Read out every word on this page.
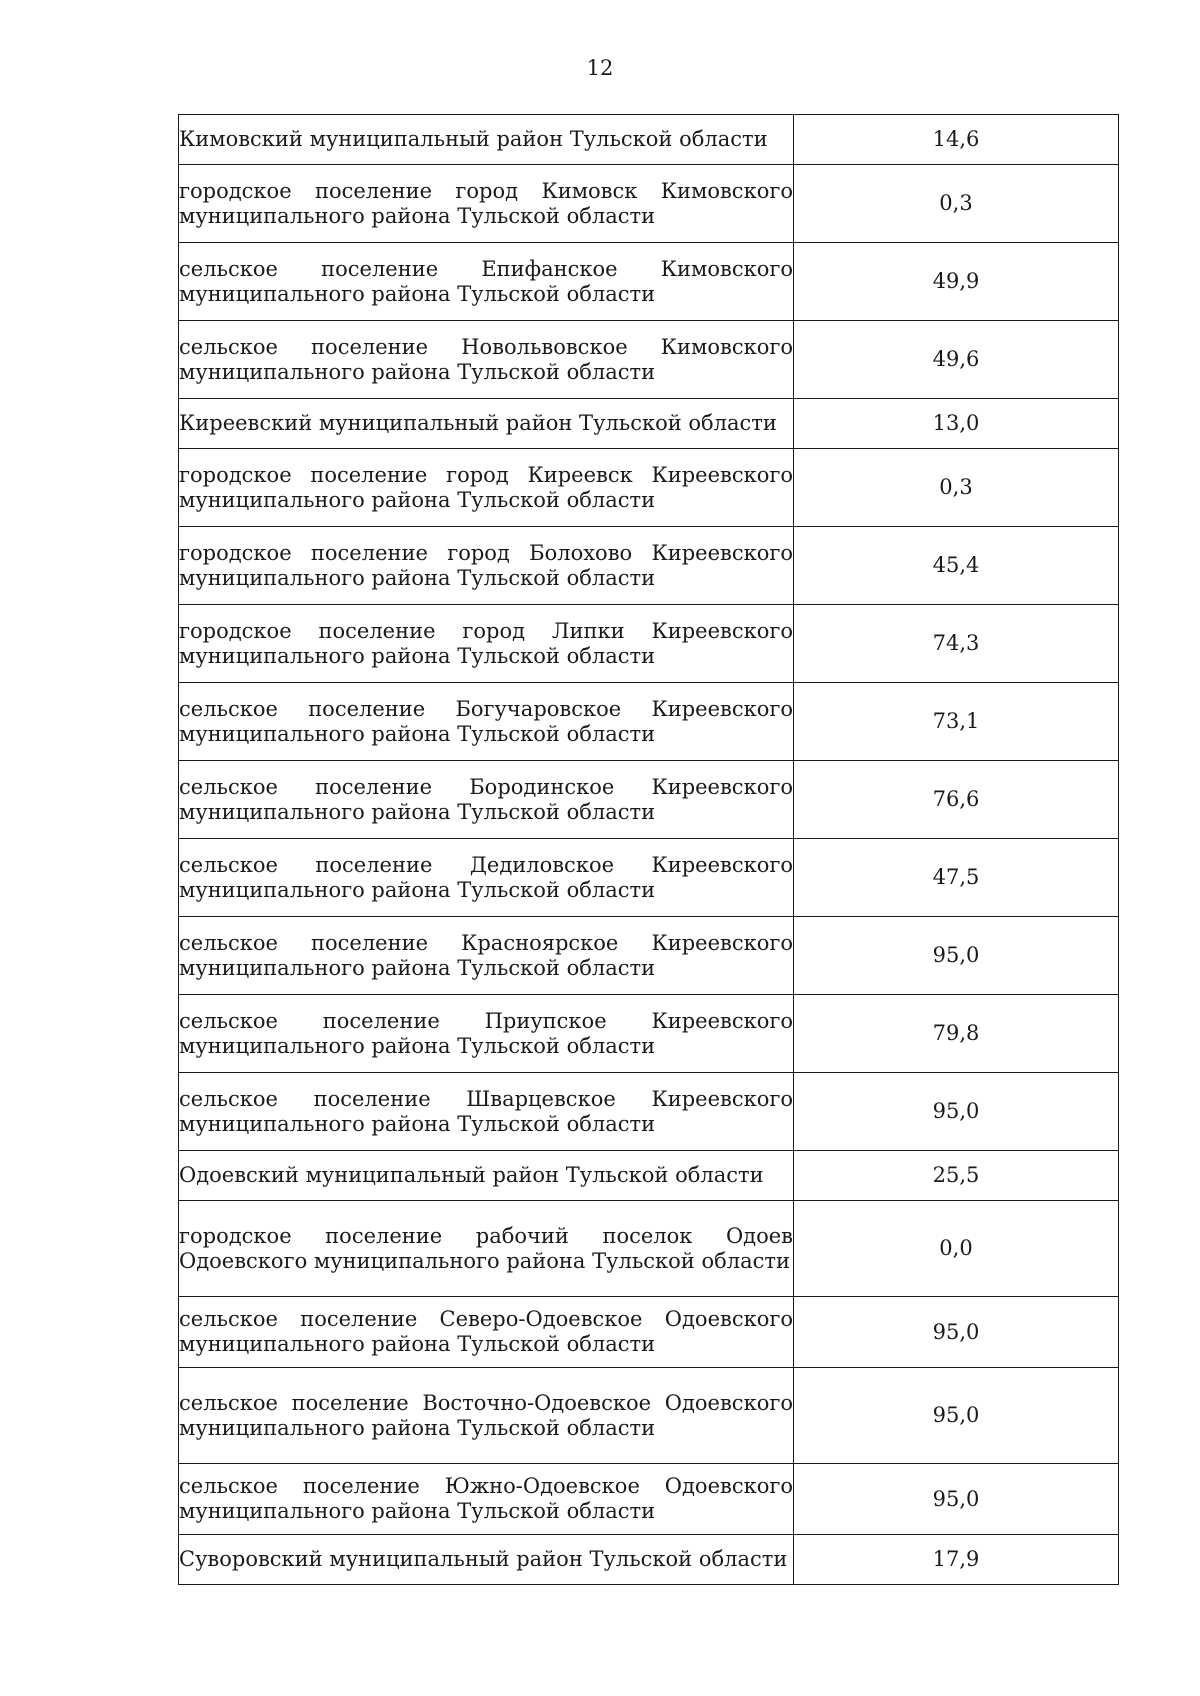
12
Кимовский муниципальный район Тульской области	14,6
городское поселение город Кимовск Кимовского муниципального района Тульской области	0,3
сельское поселение Епифанское Кимовского муниципального района Тульской области	49,9
сельское поселение Новольвовское Кимовского муниципального района Тульской области	49,6
Киреевский муниципальный район Тульской области	13,0
городское поселение город Киреевск Киреевского муниципального района Тульской области	0,3
городское поселение город Болохово Киреевского муниципального района Тульской области	45,4
городское поселение город Липки Киреевского муниципального района Тульской области	74,3
сельское поселение Богучаровское Киреевского муниципального района Тульской области	73,1
сельское поселение Бородинское Киреевского муниципального района Тульской области	76,6
сельское поселение Дедиловское Киреевского муниципального района Тульской области	47,5
сельское поселение Красноярское Киреевского муниципального района Тульской области	95,0
сельское поселение Приупское Киреевского муниципального района Тульской области	79,8
сельское поселение Шварцевское Киреевского муниципального района Тульской области	95,0
Одоевский муниципальный район Тульской области	25,5
городское поселение рабочий поселок Одоев Одоевского муниципального района Тульской области	0,0
сельское поселение Северо-Одоевское Одоевского муниципального района Тульской области	95,0
сельское поселение Восточно-Одоевское Одоевского муниципального района Тульской области	95,0
сельское поселение Южно-Одоевское Одоевского муниципального района Тульской области	95,0
Суворовский муниципальный район Тульской области	17,9
